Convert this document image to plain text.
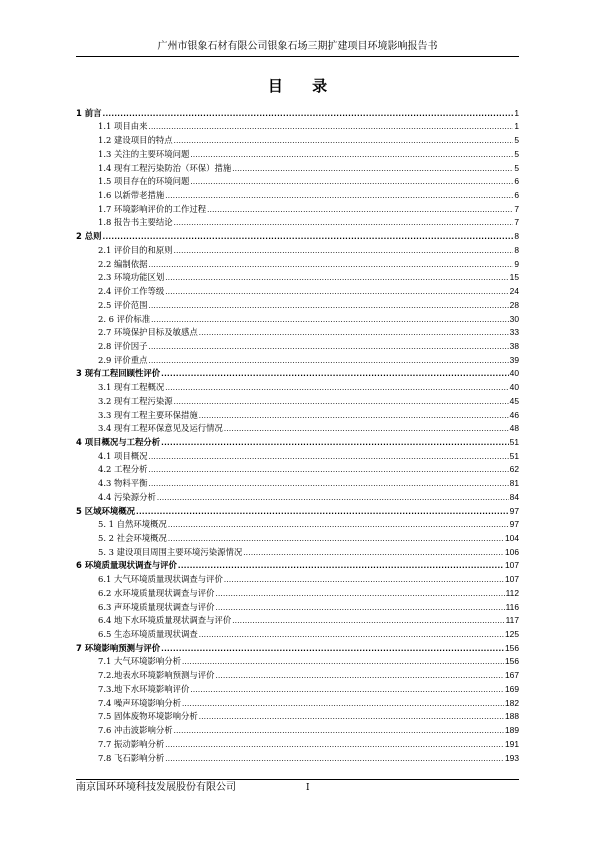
广州市银象石材有限公司银象石场三期扩建项目环境影响报告书
目 录
1 前言 .....	1
1.1 项目由来 .....	1
1.2 建设项目的特点 .....	5
1.3 关注的主要环境问题 .....	5
1.4 现有工程污染防治（环保）措施 .....	5
1.5 项目存在的环境问题 .....	6
1.6 以新带老措施 .....	6
1.7 环境影响评价的工作过程 .....	7
1.8 报告书主要结论 .....	7
2 总则 .....	8
2.1 评价目的和原则 .....	8
2.2 编制依据 .....	9
2.3 环境功能区划 .....	15
2.4 评价工作等级 .....	24
2.5 评价范围 .....	28
2. 6 评价标准 .....	30
2.7 环境保护目标及敏感点 .....	33
2.8 评价因子 .....	38
2.9 评价重点 .....	39
3 现有工程回顾性评价 .....	40
3.1 现有工程概况 .....	40
3.2 现有工程污染源 .....	45
3.3 现有工程主要环保措施 .....	46
3.4 现有工程环保意见及运行情况 .....	48
4 项目概况与工程分析 .....	51
4.1 项目概况 .....	51
4.2 工程分析 .....	62
4.3 物料平衡 .....	81
4.4 污染源分析 .....	84
5 区域环境概况 .....	97
5. 1 自然环境概况 .....	97
5. 2 社会环境概况 .....	104
5. 3 建设项目周围主要环境污染源情况 .....	106
6 环境质量现状调查与评价 .....	107
6.1 大气环境质量现状调查与评价 .....	107
6.2 水环境质量现状调查与评价 .....	112
6.3 声环境质量现状调查与评价 .....	116
6.4 地下水环境质量现状调查与评价 .....	117
6.5 生态环境质量现状调查 .....	125
7 环境影响预测与评价 .....	156
7.1 大气环境影响分析 .....	156
7.2.地表水环境影响预测与评价 .....	167
7.3.地下水环境影响评价 .....	169
7.4 噪声环境影响分析 .....	182
7.5 固体废物环境影响分析 .....	188
7.6 冲击波影响分析 .....	189
7.7 振动影响分析 .....	191
7.8 飞石影响分析 .....	193
南京国环环境科技发展股份有限公司	I
